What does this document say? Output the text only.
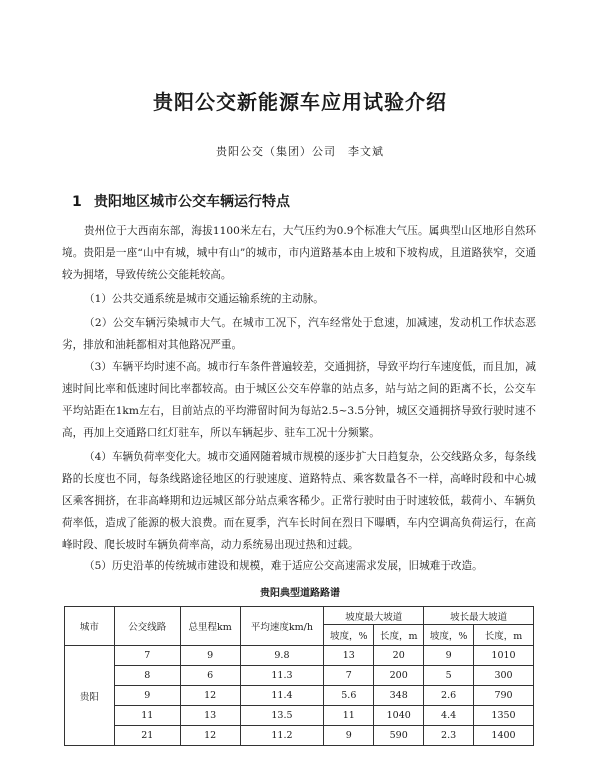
贵阳公交新能源车应用试验介绍
贵阳公交（集团）公司　李文斌
1 贵阳地区城市公交车辆运行特点

贵州位于大西南东部，海拔1100米左右，大气压约为0.9个标准大气压。属典型山区地形自然环境。贵阳是一座“山中有城，城中有山”的城市，市内道路基本由上坡和下坡构成，且道路狭窄，交通较为拥堵，导致传统公交能耗较高。

（1）公共交通系统是城市交通运输系统的主动脉。

（2）公交车辆污染城市大气。在城市工况下，汽车经常处于怠速，加减速，发动机工作状态恶劣，排放和油耗都相对其他路况严重。

（3）车辆平均时速不高。城市行车条件普遍较差，交通拥挤，导致平均行车速度低，而且加，减速时间比率和低速时间比率都较高。由于城区公交车停靠的站点多，站与站之间的距离不长，公交车平均站距在1km左右，目前站点的平均滞留时间为每站2.5~3.5分钟，城区交通拥挤导致行驶时速不高，再加上交通路口红灯驻车，所以车辆起步、驻车工况十分频繁。

（4）车辆负荷率变化大。城市交通网随着城市规模的逐步扩大日趋复杂，公交线路众多，每条线路的长度也不同，每条线路途径地区的行驶速度、道路特点、乘客数量各不一样，高峰时段和中心城区乘客拥挤，在非高峰期和边远城区部分站点乘客稀少。正常行驶时由于时速较低，载荷小、车辆负荷率低，造成了能源的极大浪费。而在夏季，汽车长时间在烈日下曝晒，车内空调高负荷运行，在高峰时段、爬长坡时车辆负荷率高，动力系统易出现过热和过载。

（5）历史沿革的传统城市建设和规模，难于适应公交高速需求发展，旧城难于改造。

贵阳典型道路路谱
城市	公交线路	总里程km	平均速度km/h	坡度最大坡道		坡长最大坡道	
				坡度，%	长度，m	坡度，%	长度，m
贵阳	7	9	9.8	13	20	9	1010
	8	6	11.3	7	200	5	300
	9	12	11.4	5.6	348	2.6	790
	11	13	13.5	11	1040	4.4	1350
	21	12	11.2	9	590	2.3	1400
